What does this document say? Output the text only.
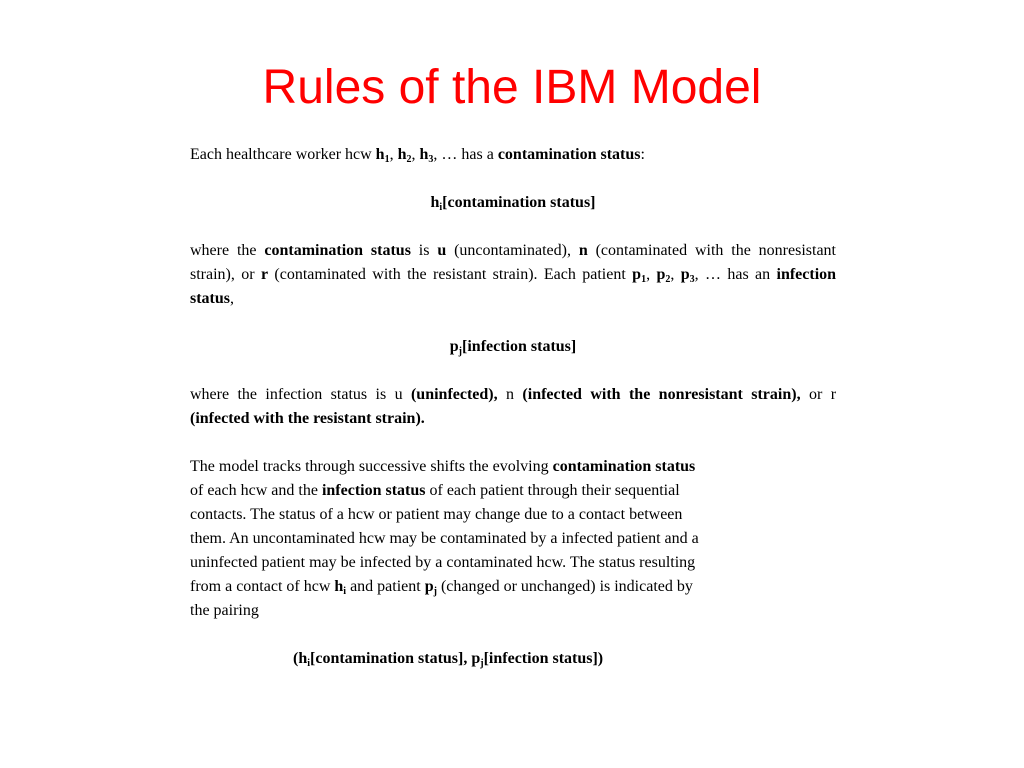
Rules of the IBM Model

Each healthcare worker hcw $h_1$, $h_2$, $h_3$, … has a contamination status:

$h_i[contamination$ status]

where the contamination status is u (uncontaminated), n (contaminated with the nonresistant strain), or r (contaminated with the resistant strain). Each patient $p_1$, $p_2$, $p_3$, … has an infection status,

$p_j[infection$ status]

where the infection status is u (uninfected), n (infected with the nonresistant strain), or r (infected with the resistant strain).

The model tracks through successive shifts the evolving contamination status
of each hcw and the infection status of each patient through their sequential
contacts. The status of a hcw or patient may change due to a contact between
them. An uncontaminated hcw may be contaminated by a infected patient and a
uninfected patient may be infected by a contaminated hcw. The status resulting
from a contact of hcw $h_i$ and patient $p_j$ (changed or unchanged) is indicated by
the pairing

($h_i[contamination$ status], $p_j[infection$ status])
